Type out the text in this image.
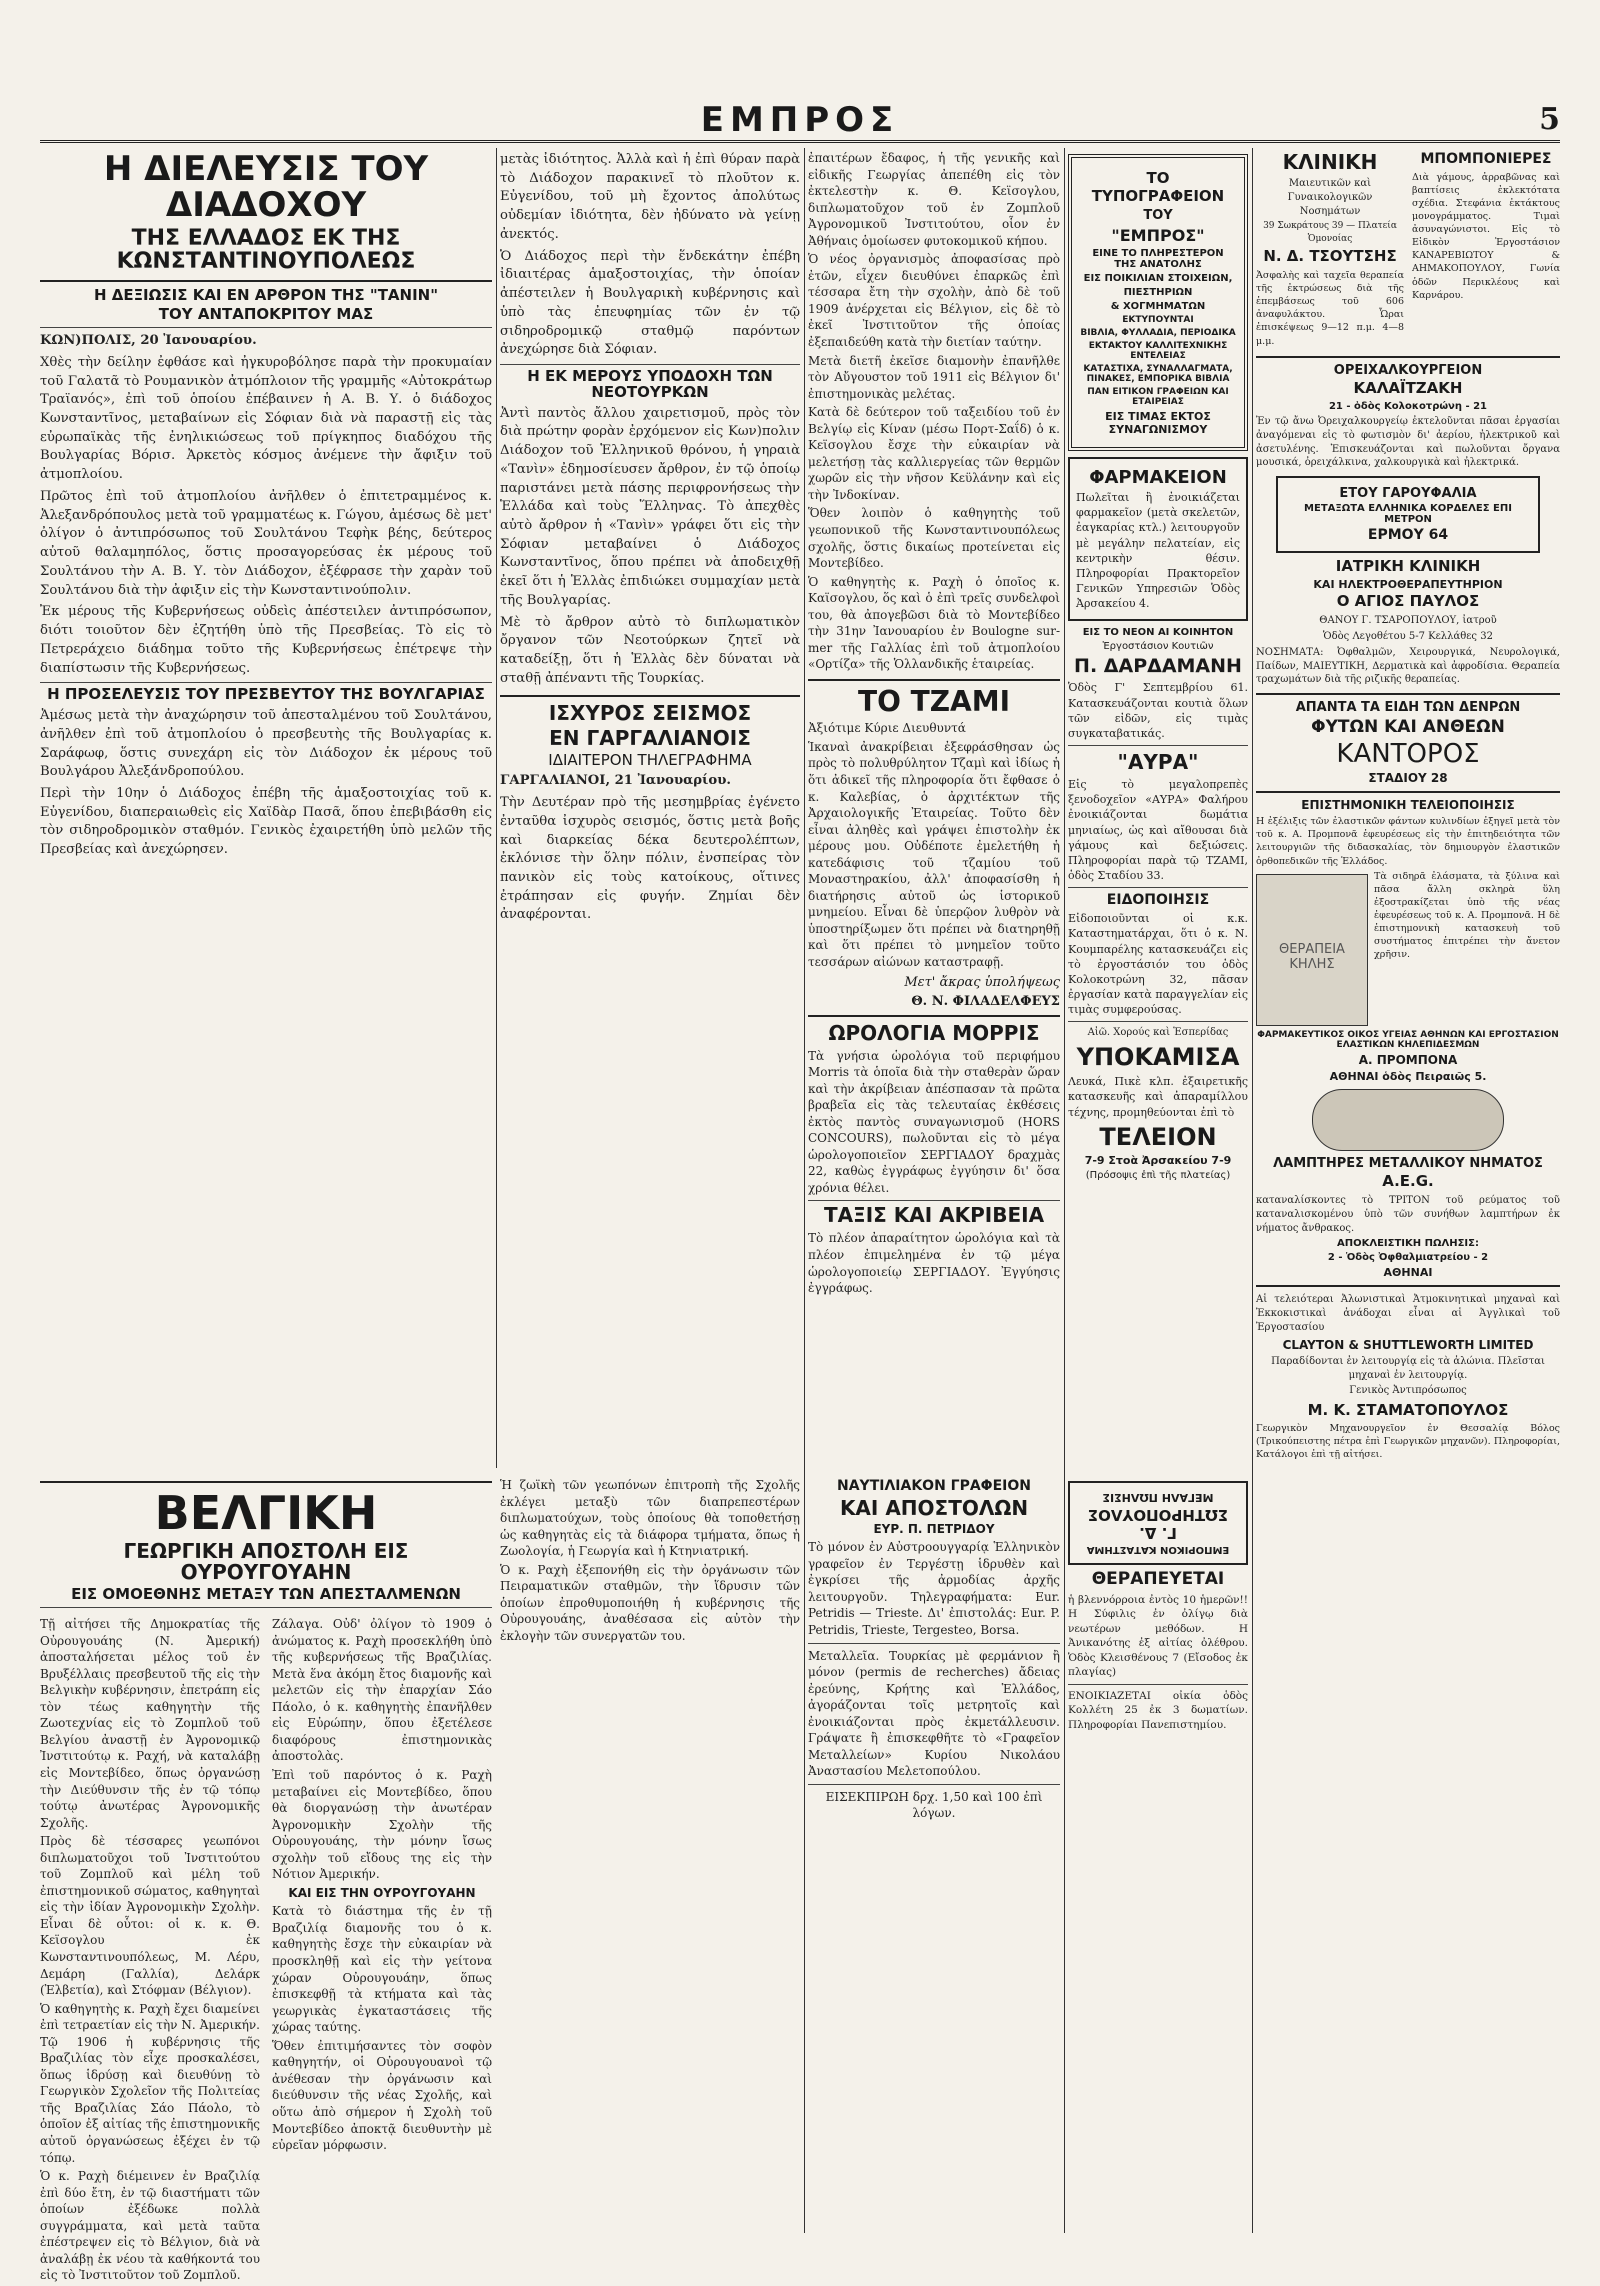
ΕΜΠΡΟΣ	5
Η ΔΙΕΛΕΥΣΙΣ ΤΟΥ ΔΙΑΔΟΧΟΥ
ΤΗΣ ΕΛΛΑΔΟΣ ΕΚ ΤΗΣ ΚΩΝΣΤΑΝΤΙΝΟΥΠΟΛΕΩΣ
Η ΔΕΞΙΩΣΙΣ ΚΑΙ ΕΝ ΑΡΘΡΟΝ ΤΗΣ "ΤΑΝΙΝ"
ΤΟΥ ΑΝΤΑΠΟΚΡΙΤΟΥ ΜΑΣ

ΚΩΝ)ΠΟΛΙΣ, 20 Ἰανουαρίου.

Χθὲς τὴν δείλην ἐφθάσε καὶ ἠγκυροβόλησε παρὰ τὴν προκυμαίαν τοῦ Γαλατᾶ τὸ Ρουμανικὸν ἀτμόπλοιον τῆς γραμμῆς «Αὐτοκράτωρ Τραϊανός», ἐπὶ τοῦ ὁποίου ἐπέβαινεν ἡ Α. Β. Υ. ὁ διάδοχος Κωνσταντῖνος, μεταβαίνων εἰς Σόφιαν διὰ νὰ παραστῇ εἰς τὰς εὐρωπαϊκὰς τῆς ἐνηλικιώσεως τοῦ πρίγκηπος διαδόχου τῆς Βουλγαρίας Βόρισ. Ἀρκετὸς κόσμος ἀνέμενε τὴν ἄφιξιν τοῦ ἀτμοπλοίου.

Πρῶτος ἐπὶ τοῦ ἀτμοπλοίου ἀνῆλθεν ὁ ἐπιτετραμμένος κ. Ἀλεξανδρόπουλος μετὰ τοῦ γραμματέως κ. Γώγου, ἀμέσως δὲ μετ' ὀλίγον ὁ ἀντιπρόσωπος τοῦ Σουλτάνου Τεφὴκ βέης, δεύτερος αὐτοῦ θαλαμηπόλος, ὅστις προσαγορεύσας ἐκ μέρους τοῦ Σουλτάνου τὴν Α. Β. Υ. τὸν Διάδοχον, ἐξέφρασε τὴν χαρὰν τοῦ Σουλτάνου διὰ τὴν ἀφιξιν εἰς τὴν Κωνσταντινούπολιν.

Ἐκ μέρους τῆς Κυβερνήσεως οὐδεὶς ἀπέστειλεν ἀντιπρόσωπον, διότι τοιοῦτον δὲν ἐζητήθη ὑπὸ τῆς Πρεσβείας. Τὸ εἰς τὸ Πετρεράχειο διάδημα τοῦτο τῆς Κυβερνήσεως ἐπέτρεψε τὴν διαπίστωσιν τῆς Κυβερνήσεως.

Η ΠΡΟΣΕΛΕΥΣΙΣ ΤΟΥ ΠΡΕΣΒΕΥΤΟΥ ΤΗΣ ΒΟΥΛΓΑΡΙΑΣ

Ἀμέσως μετὰ τὴν ἀναχώρησιν τοῦ ἀπεσταλμένου τοῦ Σουλτάνου, ἀνῆλθεν ἐπὶ τοῦ ἀτμοπλοίου ὁ πρεσβευτὴς τῆς Βουλγαρίας κ. Σαράφωφ, ὅστις συνεχάρη εἰς τὸν Διάδοχον ἐκ μέρους τοῦ Βουλγάρου Ἀλεξάνδροπούλου.

Περὶ τὴν 10ην ὁ Διάδοχος ἐπέβη τῆς ἁμαξοστοιχίας τοῦ κ. Εὐγενίδου, διαπεραιωθεὶς εἰς Χαϊδὰρ Πασᾶ, ὅπου ἐπεβιβάσθη εἰς τὸν σιδηροδρομικὸν σταθμόν. Γενικὸς ἐχαιρετήθη ὑπὸ μελῶν τῆς Πρεσβείας καὶ ἀνεχώρησεν.

μετὰς ἰδιότητος. Ἀλλὰ καὶ ἡ ἐπὶ θύραν παρὰ τὸ Διάδοχον παρακινεῖ τὸ πλοῦτον κ. Εὐγενίδου, τοῦ μὴ ἔχοντος ἀπολύτως οὐδεμίαν ἰδιότητα, δὲν ἠδύνατο νὰ γείνῃ ἀνεκτός.

Ὁ Διάδοχος περὶ τὴν ἕνδεκάτην ἐπέβη ἰδιαιτέρας ἁμαξοστοιχίας, τὴν ὁποίαν ἀπέστειλεν ἡ Βουλγαρικὴ κυβέρνησις καὶ ὑπὸ τὰς ἐπευφημίας τῶν ἐν τῷ σιδηροδρομικῷ σταθμῷ παρόντων ἀνεχώρησε διὰ Σόφιαν.

Η ΕΚ ΜΕΡΟΥΣ ΥΠΟΔΟΧΗ ΤΩΝ ΝΕΟΤΟΥΡΚΩΝ

Ἀντὶ παντὸς ἄλλου χαιρετισμοῦ, πρὸς τὸν διὰ πρώτην φορὰν ἐρχόμενον εἰς Κων)πολιν Διάδοχον τοῦ Ἑλληνικοῦ θρόνου, ἡ γηραιὰ «Τανὶν» ἐδημοσίευσεν ἄρθρον, ἐν τῷ ὁποίῳ παριστάνει μετὰ πάσης περιφρονήσεως τὴν Ἑλλάδα καὶ τοὺς Ἕλληνας. Τὸ ἀπεχθὲς αὐτὸ ἄρθρον ἡ «Τανὶν» γράφει ὅτι εἰς τὴν Σόφιαν μεταβαίνει ὁ Διάδοχος Κωνσταντῖνος, ὅπου πρέπει νὰ ἀποδειχθῇ ἐκεῖ ὅτι ἡ Ἑλλὰς ἐπιδιώκει συμμαχίαν μετὰ τῆς Βουλγαρίας.

Μὲ τὸ ἄρθρον αὐτὸ τὸ διπλωματικὸν ὄργανον τῶν Νεοτούρκων ζητεῖ νὰ καταδείξῃ, ὅτι ἡ Ἑλλὰς δὲν δύναται νὰ σταθῇ ἀπέναντι τῆς Τουρκίας.

ΙΣΧΥΡΟΣ ΣΕΙΣΜΟΣ
ΕΝ ΓΑΡΓΑΛΙΑΝΟΙΣ
ΙΔΙΑΙΤΕΡΟΝ ΤΗΛΕΓΡΑΦΗΜΑ

ΓΑΡΓΑΛΙΑΝΟΙ, 21 Ἰανουαρίου.

Τὴν Δευτέραν πρὸ τῆς μεσημβρίας ἐγένετο ἐνταῦθα ἰσχυρὸς σεισμός, ὅστις μετὰ βοῆς καὶ διαρκείας δέκα δευτερολέπτων, ἐκλόνισε τὴν ὅλην πόλιν, ἐνσπείρας τὸν πανικὸν εἰς τοὺς κατοίκους, οἵτινες ἐτράπησαν εἰς φυγήν. Ζημίαι δὲν ἀναφέρονται.

ἐπαιτέρων ἔδαφος, ἡ τῆς γενικῆς καὶ εἰδικῆς Γεωργίας ἀπεπέθη εἰς τὸν ἐκτελεστὴν κ. Θ. Κεϊσογλου, διπλωματοῦχον τοῦ ἐν Ζομπλοῦ Ἀγρονομικοῦ Ἰνστιτούτου, οἷον ἐν Ἀθήναις ὁμοίωσεν φυτοκομικοῦ κήπου.

Ὁ νέος ὀργανισμὸς ἀποφασίσας πρὸ ἐτῶν, εἶχεν διευθύνει ἐπαρκῶς ἐπὶ τέσσαρα ἔτη τὴν σχολὴν, ἀπὸ δὲ τοῦ 1909 ἀνέρχεται εἰς Βέλγιον, εἰς δὲ τὸ ἐκεῖ Ἰνστιτοῦτον τῆς ὁποίας ἐξεπαιδεύθη κατὰ τὴν διετίαν ταύτην.

Μετὰ διετῆ ἐκεῖσε διαμονὴν ἐπανῆλθε τὸν Αὔγουστον τοῦ 1911 εἰς Βέλγιον δι' ἐπιστημονικὰς μελέτας.

Κατὰ δὲ δεύτερον τοῦ ταξειδίου τοῦ ἐν Βελγίῳ εἰς Κίναν (μέσω Πορτ-Σαΐδ) ὁ κ. Κεϊσογλου ἔσχε τὴν εὐκαιρίαν νὰ μελετήσῃ τὰς καλλιεργείας τῶν θερμῶν χωρῶν εἰς τὴν νῆσον Κεϋλάνην καὶ εἰς τὴν Ἰνδοκίναν.

Ὅθεν λοιπὸν ὁ καθηγητὴς τοῦ γεωπονικοῦ τῆς Κωνσταντινουπόλεως σχολῆς, ὅστις δικαίως προτείνεται εἰς Μοντεβίδεο.

Ὁ καθηγητὴς κ. Ραχὴ ὁ ὁποῖος κ. Καϊσογλου, ὅς καὶ ὁ ἐπὶ τρεῖς συνδελφοὶ του, θὰ ἀπογεβῶσι διὰ τὸ Μοντεβίδεο τὴν 31ην Ἰανουαρίου ἐν Boulogne sur-mer τῆς Γαλλίας ἐπὶ τοῦ ἀτμοπλοίου «Ορτίζα» τῆς Ὁλλανδικῆς ἑταιρείας.

ΤΟ ΤΖΑΜΙ

Ἀξιότιμε Κύριε Διευθυντά

Ἱκαναὶ ἀνακρίβειαι ἐξεφράσθησαν ὡς πρὸς τὸ πολυθρύλητον Τζαμὶ καὶ ἰδίως ἡ ὅτι ἀδικεῖ τῆς πληροφορία ὅτι ἔφθασε ὁ κ. Καλεβίας, ὁ ἀρχιτέκτων τῆς Ἀρχαιολογικῆς Ἐταιρείας. Τοῦτο δὲν εἶναι ἀληθὲς καὶ γράψει ἐπιστολὴν ἐκ μέρους μου. Οὐδέποτε ἐμελετήθη ἡ κατεδάφισις τοῦ τζαμίου τοῦ Μοναστηρακίου, ἀλλ' ἀποφασίσθη ἡ διατήρησις αὐτοῦ ὡς ἱστορικοῦ μνημείου. Εἶναι δὲ ὑπερῷον λυθρὸν νὰ ὑποστηρίξωμεν ὅτι πρέπει νὰ διατηρηθῇ καὶ ὅτι πρέπει τὸ μνημεῖον τοῦτο τεσσάρων αἰώνων καταστραφῇ.

Μετ' ἄκρας ὑπολήψεως

Θ. Ν. ΦΙΛΑΔΕΛΦΕΥΣ

ΩΡΟΛΟΓΙΑ ΜΟΡΡΙΣ

Τὰ γνήσια ὡρολόγια τοῦ περιφήμου Morris τὰ ὁποῖα διὰ τὴν σταθερὰν ὥραν καὶ τὴν ἀκρίβειαν ἀπέσπασαν τὰ πρῶτα βραβεῖα εἰς τὰς τελευταίας ἐκθέσεις ἐκτὸς παντὸς συναγωνισμοῦ (HORS CONCOURS), πωλοῦνται εἰς τὸ μέγα ὡρολογοποιεῖον ΣΕΡΓΙΑΔΟΥ δραχμὰς 22, καθὼς ἐγγράφως ἐγγύησιν δι' ὅσα χρόνια θέλει.

ΤΑΞΙΣ ΚΑΙ ΑΚΡΙΒΕΙΑ

Τὸ πλέον ἀπαραίτητον ὡρολόγια καὶ τὰ πλέον ἐπιμελημένα ἐν τῷ μέγα ὡρολογοποιείῳ ΣΕΡΓΙΑΔΟΥ. Ἐγγύησις ἐγγράφως.

ΤΟ ΤΥΠΟΓΡΑΦΕΙΟΝ

ΤΟΥ

"ΕΜΠΡΟΣ"

ΕΙΝΕ ΤΟ ΠΛΗΡΕΣΤΕΡΟΝ ΤΗΣ ΑΝΑΤΟΛΗΣ

ΕΙΣ ΠΟΙΚΙΛΙΑΝ ΣΤΟΙΧΕΙΩΝ,

ΠΙΕΣΤΗΡΙΩΝ

& ΧΟΓΜΗΜΑΤΩΝ

ΕΚΤΥΠΟΥΝΤΑΙ

ΒΙΒΛΙΑ, ΦΥΛΛΑΔΙΑ, ΠΕΡΙΟΔΙΚΑ

ΕΚΤΑΚΤΟΥ ΚΑΛΛΙΤΕΧΝΙΚΗΣ ΕΝΤΕΛΕΙΑΣ

ΚΑΤΑΣΤΙΧΑ, ΣΥΝΑΛΛΑΓΜΑΤΑ, ΠΙΝΑΚΕΣ, ΕΜΠΟΡΙΚΑ ΒΙΒΛΙΑ

ΠΑΝ ΕΙΤΙΚΟΝ ΓΡΑΦΕΙΩΝ ΚΑΙ ΕΤΑΙΡΕΙΑΣ

ΕΙΣ ΤΙΜΑΣ ΕΚΤΟΣ ΣΥΝΑΓΩΝΙΣΜΟΥ

ΦΑΡΜΑΚΕΙΟΝ

Πωλεῖται ἢ ἐνοικιάζεται φαρμακεῖον (μετὰ σκελετῶν, ἐαγκαρίας κτλ.) λειτουργοῦν μὲ μεγάλην πελατείαν, εἰς κεντρικὴν θέσιν. Πληροφορίαι Πρακτορεῖον Γενικῶν Υπηρεσιῶν Ὁδὸς Ἀρσακείου 4.

ΕΙΣ ΤΟ ΝΕΟΝ ΑΙ ΚΟΙΝΗΤΟΝ

Ἐργοστάσιον Κουτιῶν

Π. ΔΑΡΔΑΜΑΝΗ

Ὁδὸς Γ' Σεπτεμβρίου 61. Κατασκευάζονται κουτιὰ ὅλων τῶν εἰδῶν, εἰς τιμὰς συγκαταβατικάς.

"ΑΥΡΑ"

Εἰς τὸ μεγαλοπρεπὲς ξενοδοχεῖον «ΑΥΡΑ» Φαλήρου ἐνοικιάζονται δωμάτια μηνιαίως, ὡς καὶ αἴθουσαι διὰ γάμους καὶ δεξιώσεις. Πληροφορίαι παρὰ τῷ ΤΖΑΜΙ, ὁδὸς Σταδίου 33.

ΕΙΔΟΠΟΙΗΣΙΣ

Εἰδοποιοῦνται οἱ κ.κ. Καταστηματάρχαι, ὅτι ὁ κ. Ν. Κουμπαρέλης κατασκευάζει εἰς τὸ ἐργοστάσιόν του ὁδὸς Κολοκοτρώνη 32, πᾶσαν ἐργασίαν κατὰ παραγγελίαν εἰς τιμὰς συμφερούσας.

Αἰῶ. Χορούς καὶ Ἑσπερίδας

ΥΠΟΚΑΜΙΣΑ

Λευκά, Πικὲ κλπ. ἐξαιρετικῆς κατασκευῆς καὶ ἀπαραμίλλου τέχνης, προμηθεύονται ἐπὶ τὸ

ΤΕΛΕΙΟΝ

7-9 Στοὰ Ἀρσακείου 7-9

(Πρόσοψις ἐπὶ τῆς πλατείας)

ΚΛΙΝΙΚΗ

Μαιευτικῶν καὶ Γυναικολογικῶν Νοσημάτων

39 Σωκράτους 39 — Πλατεία Ὁμονοίας

Ν. Δ. ΤΣΟΥΤΣΗΣ

Ἀσφαλὴς καὶ ταχεῖα θεραπεία τῆς ἐκτρώσεως διὰ τῆς ἐπεμβάσεως τοῦ 606 ἀναφυλάκτου. Ὧραι ἐπισκέψεως 9—12 π.μ. 4—8 μ.μ.

ΜΠΟΜΠΟΝΙΕΡΕΣ

Διὰ γάμους, ἀρραβῶνας καὶ βαπτίσεις ἐκλεκτότατα σχέδια. Στεφάνια ἐκτάκτους μονογράμματος. Τιμαὶ ἀσυναγώνιστοι. Εἰς τὸ Εἰδικὸν Ἐργοστάσιον ΚΑΝΑΡΕΒΙΩΤΟΥ & ΑΗΜΑΚΟΠΟΥΛΟΥ, Γωνία ὁδῶν Περικλέους καὶ Καρνάρου.

ΟΡΕΙΧΑΛΚΟΥΡΓΕΙΟΝ
ΚΑΛΑΪΤΖΑΚΗ

21 - ὁδὸς Κολοκοτρώνη - 21

Ἐν τῷ ἄνω Ὀρειχαλκουργείῳ ἐκτελοῦνται πᾶσαι ἐργασίαι ἀναγόμεναι εἰς τὸ φωτισμὸν δι' ἀερίου, ἠλεκτρικοῦ καὶ ἀσετυλένης. Ἐπισκευάζονται καὶ πωλοῦνται ὄργανα μουσικά, ὀρειχάλκινα, χαλκουργικὰ καὶ ἠλεκτρικά.

ΕΤΟΥ ΓΑΡΟΥΦΑΛΙΑ

ΜΕΤΑΞΩΤΑ ΕΛΛΗΝΙΚΑ ΚΟΡΔΕΛΕΣ ΕΠΙ ΜΕΤΡΟΝ

ΕΡΜΟΥ 64

ΙΑΤΡΙΚΗ ΚΛΙΝΙΚΗ
ΚΑΙ ΗΛΕΚΤΡΟΘΕΡΑΠΕΥΤΗΡΙΟΝ
Ο ΑΓΙΟΣ ΠΑΥΛΟΣ

ΘΑΝΟΥ Γ. ΤΣΑΡΟΠΟΥΛΟΥ, ἰατροῦ

Ὁδὸς Λεγοθέτου 5-7 Κελλάθες 32

ΝΟΣΗΜΑΤΑ: Ὀφθαλμῶν, Χειρουργικά, Νευρολογικά, Παίδων, ΜΑΙΕΥΤΙΚΗ, Δερματικὰ καὶ ἀφροδίσια. Θεραπεία τραχωμάτων διὰ τῆς ριζικῆς θεραπείας.

ΑΠΑΝΤΑ ΤΑ ΕΙΔΗ ΤΩΝ ΔΕΝΡΩΝ
ΦΥΤΩΝ ΚΑΙ ΑΝΘΕΩΝ
ΚΑΝΤΟΡΟΣ
ΣΤΑΔΙΟΥ 28
ΕΠΙΣΤΗΜΟΝΙΚΗ ΤΕΛΕΙΟΠΟΙΗΣΙΣ

Η ἐξέλιξις τῶν ἐλαστικῶν φάντων κυλινδίων ἐξηγεῖ μετὰ τὸν τοῦ κ. Α. Προμπονᾶ ἐφευρέσεως εἰς τὴν ἐπιτηδειότητα τῶν λειτουργιῶν τῆς διδασκαλίας, τὸν δημιουργὸν ἐλαστικῶν ὀρθοπεδικῶν τῆς Ἑλλάδος.

ΘΕΡΑΠΕΙΑ ΚΗΛΗΣ

Τὰ σιδηρᾶ ἐλάσματα, τὰ ξύλινα καὶ πᾶσα ἄλλη σκληρὰ ὕλη ἐξοστρακίζεται ὑπὸ τῆς νέας ἐφευρέσεως τοῦ κ. Α. Προμπονᾶ. Η δὲ ἐπιστημονικὴ κατασκευὴ τοῦ συστήματος ἐπιτρέπει τὴν ἄνετον χρῆσιν.

ΦΑΡΜΑΚΕΥΤΙΚΟΣ ΟΙΚΟΣ ΥΓΕΙΑΣ ΑΘΗΝΩΝ ΚΑΙ ΕΡΓΟΣΤΑΣΙΟΝ ΕΛΑΣΤΙΚΩΝ ΚΗΛΕΠΙΔΕΣΜΩΝ

Α. ΠΡΟΜΠΟΝΑ

ΑΘΗΝΑΙ ὁδὸς Πειραιῶς 5.

ΛΑΜΠΤΗΡΕΣ ΜΕΤΑΛΛΙΚΟΥ ΝΗΜΑΤΟΣ
A.E.G.

καταναλίσκοντες τὸ ΤΡΙΤΟΝ τοῦ ρεύματος τοῦ καταναλισκομένου ὑπὸ τῶν συνήθων λαμπτήρων ἐκ νήματος ἄνθρακος.

ΑΠΟΚΛΕΙΣΤΙΚΗ ΠΩΛΗΣΙΣ:

2 - Ὁδὸς Ὀφθαλμιατρείου - 2

ΑΘΗΝΑΙ

Αἱ τελειότεραι Ἀλωνιστικαὶ Ἀτμοκινητικαὶ μηχαναὶ καὶ Ἐκκοκιστικαὶ ἀνάδοχαι εἶναι αἱ Ἀγγλικαὶ τοῦ Ἐργοστασίου

CLAYTON & SHUTTLEWORTH LIMITED

Παραδίδονται ἐν λειτουργίᾳ εἰς τὰ ἁλώνια. Πλεῖσται μηχαναὶ ἐν λειτουργίᾳ.

Γενικὸς Ἀντιπρόσωπος

Μ. Κ. ΣΤΑΜΑΤΟΠΟΥΛΟΣ

Γεωργικὸν Μηχανουργεῖον ἐν Θεσσαλίᾳ Βόλος (Τρικούπειστης πέτρα ἐπὶ Γεωργικῶν μηχανῶν). Πληροφορίαι, Κατάλογοι ἐπὶ τῇ αἰτήσει.

ΒΕΛΓΙΚΗ
ΓΕΩΡΓΙΚΗ ΑΠΟΣΤΟΛΗ ΕΙΣ ΟΥΡΟΥΓΟΥΑΗΝ
ΕΙΣ ΟΜΟΕΘΝΗΣ ΜΕΤΑΞΥ ΤΩΝ ΑΠΕΣΤΑΛΜΕΝΩΝ

Τῇ αἰτήσει τῆς Δημοκρατίας τῆς Οὐρουγουάης (Ν. Ἀμερική) ἀποσταλήσεται μέλος τοῦ ἐν Βρυξέλλαις πρεσβευτοῦ τῆς εἰς τὴν Βελγικὴν κυβέρνησιν, ἐπετράπη εἰς τὸν τέως καθηγητὴν τῆς Ζωοτεχνίας εἰς τὸ Ζομπλοῦ τοῦ Βελγίου ἀναστῇ ἐν Ἀγρονομικῷ Ἰνστιτούτῳ κ. Ραχή, νὰ καταλάβῃ εἰς Μοντεβίδεο, ὅπως ὀργανώσῃ τὴν Διεύθυνσιν τῆς ἐν τῷ τόπῳ τούτῳ ἀνωτέρας Ἀγρονομικῆς Σχολῆς.

Πρὸς δὲ τέσσαρες γεωπόνοι διπλωματοῦχοι τοῦ Ἰνστιτούτου τοῦ Ζομπλοῦ καὶ μέλη τοῦ ἐπιστημονικοῦ σώματος, καθηγηταὶ εἰς τὴν ἰδίαν Ἀγρονομικὴν Σχολὴν. Εἶναι δὲ οὗτοι: οἱ κ. κ. Θ. Κεϊσογλου ἐκ Κωνσταντινουπόλεως, Μ. Λέρυ, Δεμάρη (Γαλλία), Δελάρκ (Ἑλβετία), καὶ Στόφμαν (Βέλγιον).

Ὁ καθηγητὴς κ. Ραχὴ ἔχει διαμείνει ἐπὶ τετραετίαν εἰς τὴν Ν. Ἀμερικήν. Τῷ 1906 ἡ κυβέρνησις τῆς Βραζιλίας τὸν εἶχε προσκαλέσει, ὅπως ἱδρύσῃ καὶ διευθύνῃ τὸ Γεωργικὸν Σχολεῖον τῆς Πολιτείας τῆς Βραζιλίας Σάο Πάολο, τὸ ὁποῖον ἐξ αἰτίας τῆς ἐπιστημονικῆς αὐτοῦ ὀργανώσεως ἐξέχει ἐν τῷ τόπῳ.

Ὁ κ. Ραχὴ διέμεινεν ἐν Βραζιλίᾳ ἐπὶ δύο ἔτη, ἐν τῷ διαστήματι τῶν ὁποίων ἐξέδωκε πολλὰ συγγράμματα, καὶ μετὰ ταῦτα ἐπέστρεψεν εἰς τὸ Βέλγιον, διὰ νὰ ἀναλάβῃ ἐκ νέου τὰ καθήκοντά του εἰς τὸ Ἰνστιτοῦτον τοῦ Ζομπλοῦ.

Ζάλαγα. Οὐδ' ὀλίγον τὸ 1909 ὁ ἀνώματος κ. Ραχὴ προσεκλήθη ὑπὸ τῆς κυβερνήσεως τῆς Βραζιλίας. Μετὰ ἕνα ἀκόμη ἔτος διαμονῆς καὶ μελετῶν εἰς τὴν ἐπαρχίαν Σάο Πάολο, ὁ κ. καθηγητὴς ἐπανῆλθεν εἰς Εὐρώπην, ὅπου ἐξετέλεσε διαφόρους ἐπιστημονικὰς ἀποστολὰς.

Ἐπὶ τοῦ παρόντος ὁ κ. Ραχὴ μεταβαίνει εἰς Μοντεβίδεο, ὅπου θὰ διοργανώσῃ τὴν ἀνωτέραν Ἀγρονομικὴν Σχολὴν τῆς Οὐρουγουάης, τὴν μόνην ἴσως σχολὴν τοῦ εἴδους της εἰς τὴν Νότιον Ἀμερικήν.

ΚΑΙ ΕΙΣ ΤΗΝ ΟΥΡΟΥΓΟΥΑΗΝ

Κατὰ τὸ διάστημα τῆς ἐν τῇ Βραζιλίᾳ διαμονῆς του ὁ κ. καθηγητὴς ἔσχε τὴν εὐκαιρίαν νὰ προσκληθῇ καὶ εἰς τὴν γείτονα χώραν Οὐρουγουάην, ὅπως ἐπισκεφθῇ τὰ κτήματα καὶ τὰς γεωργικὰς ἐγκαταστάσεις τῆς χώρας ταύτης.

Ὅθεν ἐπιτιμήσαντες τὸν σοφὸν καθηγητήν, οἱ Οὐρουγουανοὶ τῷ ἀνέθεσαν τὴν ὀργάνωσιν καὶ διεύθυνσιν τῆς νέας Σχολῆς, καὶ οὕτω ἀπὸ σήμερον ἡ Σχολὴ τοῦ Μοντεβίδεο ἀποκτᾷ διευθυντὴν μὲ εὐρεῖαν μόρφωσιν.

Ἡ ζωϊκὴ τῶν γεωπόνων ἐπιτροπὴ τῆς Σχολῆς ἐκλέγει μεταξὺ τῶν διαπρεπεστέρων διπλωματούχων, τοὺς ὁποίους θὰ τοποθετήσῃ ὡς καθηγητὰς εἰς τὰ διάφορα τμήματα, ὅπως ἡ Ζωολογία, ἡ Γεωργία καὶ ἡ Κτηνιατρική.

Ὁ κ. Ραχὴ ἐξεπονήθη εἰς τὴν ὀργάνωσιν τῶν Πειραματικῶν σταθμῶν, τὴν ἵδρυσιν τῶν ὁποίων ἐπροθυμοποιήθη ἡ κυβέρνησις τῆς Οὐρουγουάης, ἀναθέσασα εἰς αὐτὸν τὴν ἐκλογὴν τῶν συνεργατῶν του.

ΝΑΥΤΙΛΙΑΚΟΝ ΓΡΑΦΕΙΟΝ
ΚΑΙ ΑΠΟΣΤΟΛΩΝ
ΕΥΡ. Π. ΠΕΤΡΙΔΟΥ

Τὸ μόνον ἐν Αὐστροουγγαρίᾳ Ἑλληνικὸν γραφεῖον ἐν Τεργέστῃ ἱδρυθὲν καὶ ἐγκρίσει τῆς ἀρμοδίας ἀρχῆς λειτουργοῦν. Τηλεγραφήματα: Eur. Petridis — Trieste. Δι' ἐπιστολάς: Eur. P. Petridis, Trieste, Tergesteo, Borsa.

Μεταλλεῖα. Τουρκίας μὲ φερμάνιον ἢ μόνον (permis de recherches) ἄδειας ἐρεύνης, Κρήτης καὶ Ἑλλάδος, ἀγοράζονται τοῖς μετρητοῖς καὶ ἐνοικιάζονται πρὸς ἐκμετάλλευσιν. Γράψατε ἢ ἐπισκεφθῆτε τὸ «Γραφεῖον Μεταλλείων» Κυρίου Νικολάου Ἀναστασίου Μελετοπούλου.

ΕΙΣΕΚΠΙΡΩΗ δρχ. 1,50 καὶ 100 ἐπὶ λόγων.

ΕΜΠΟΡΙΚΟΝ ΚΑΤΑΣΤΗΜΑ

Γ. Δ. ΣΩΤΗΡΟΠΟΥΛΟΣ

ΜΕΓΑΛΗ ΠΩΛΗΣΙΣ

ΘΕΡΑΠΕΥΕΤΑΙ

ἡ βλεννόρροια ἐντὸς 10 ἡμερῶν!! Η Σύφιλις ἐν ὀλίγῳ διὰ νεωτέρων μεθόδων. Η Ἀνικανότης ἐξ αἰτίας ὀλέθρου. Ὁδὸς Κλεισθένους 7 (Εἴσοδος ἐκ πλαγίας)

ΕΝΟΙΚΙΑΖΕΤΑΙ οἰκία ὁδὸς Κολλέτη 25 ἐκ 3 δωματίων. Πληροφορίαι Πανεπιστημίου.
